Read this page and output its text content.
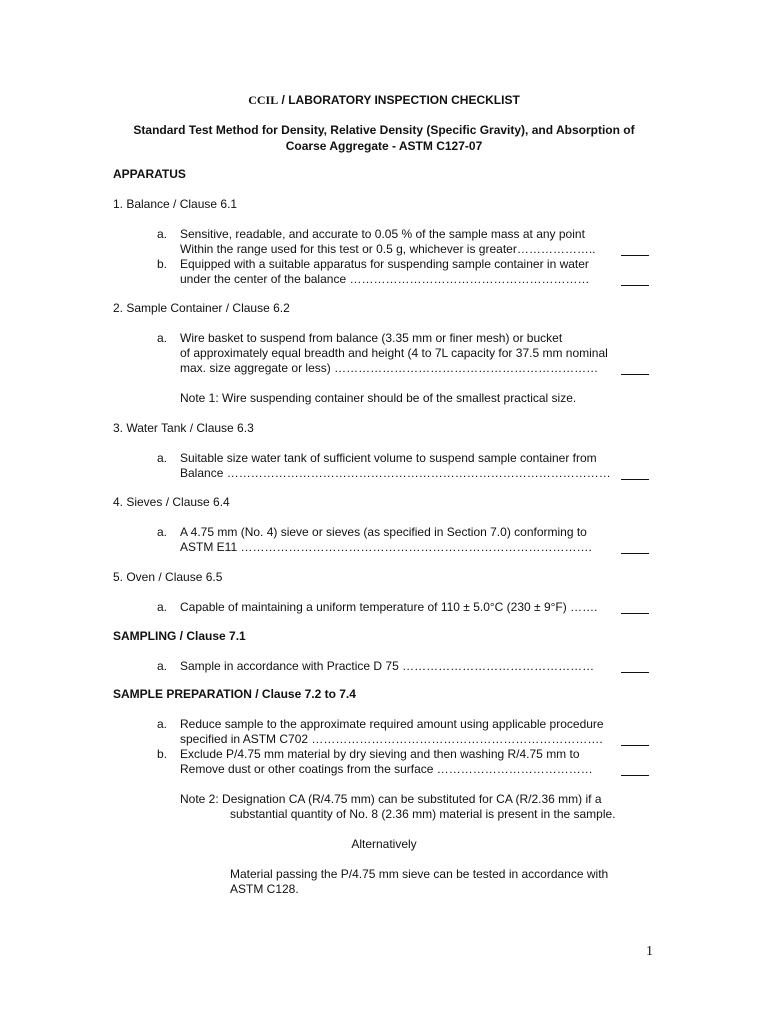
CCIL / LABORATORY INSPECTION CHECKLIST
Standard Test Method for Density, Relative Density (Specific Gravity), and Absorption of
Coarse Aggregate - ASTM C127-07
APPARATUS
1. Balance / Clause 6.1
a. Sensitive, readable, and accurate to 0.05 % of the sample mass at any point
Within the range used for this test or 0.5 g, whichever is greater………………..
b. Equipped with a suitable apparatus for suspending sample container in water
under the center of the balance ……………………………………………………
2. Sample Container / Clause 6.2
a. Wire basket to suspend from balance (3.35 mm or finer mesh) or bucket
of approximately equal breadth and height (4 to 7L capacity for 37.5 mm nominal
max. size aggregate or less) …………………………………………………………
Note 1: Wire suspending container should be of the smallest practical size.
3. Water Tank / Clause 6.3
a. Suitable size water tank of sufficient volume to suspend sample container from
Balance ……………………………………………………………………………………
4. Sieves / Clause 6.4
a. A 4.75 mm (No. 4) sieve or sieves (as specified in Section 7.0) conforming to
ASTM E11 …………………………………………………………………………….
5. Oven / Clause 6.5
a. Capable of maintaining a uniform temperature of 110 ± 5.0°C (230 ± 9°F) …….
SAMPLING / Clause 7.1
a. Sample in accordance with Practice D 75 …………………………………………
SAMPLE PREPARATION / Clause 7.2 to 7.4
a. Reduce sample to the approximate required amount using applicable procedure
specified in ASTM C702 ……………………………………………………………….
b. Exclude P/4.75 mm material by dry sieving and then washing R/4.75 mm to
Remove dust or other coatings from the surface …………………………………
Note 2: Designation CA (R/4.75 mm) can be substituted for CA (R/2.36 mm) if a
substantial quantity of No. 8 (2.36 mm) material is present in the sample.
Alternatively
Material passing the P/4.75 mm sieve can be tested in accordance with
ASTM C128.
1
